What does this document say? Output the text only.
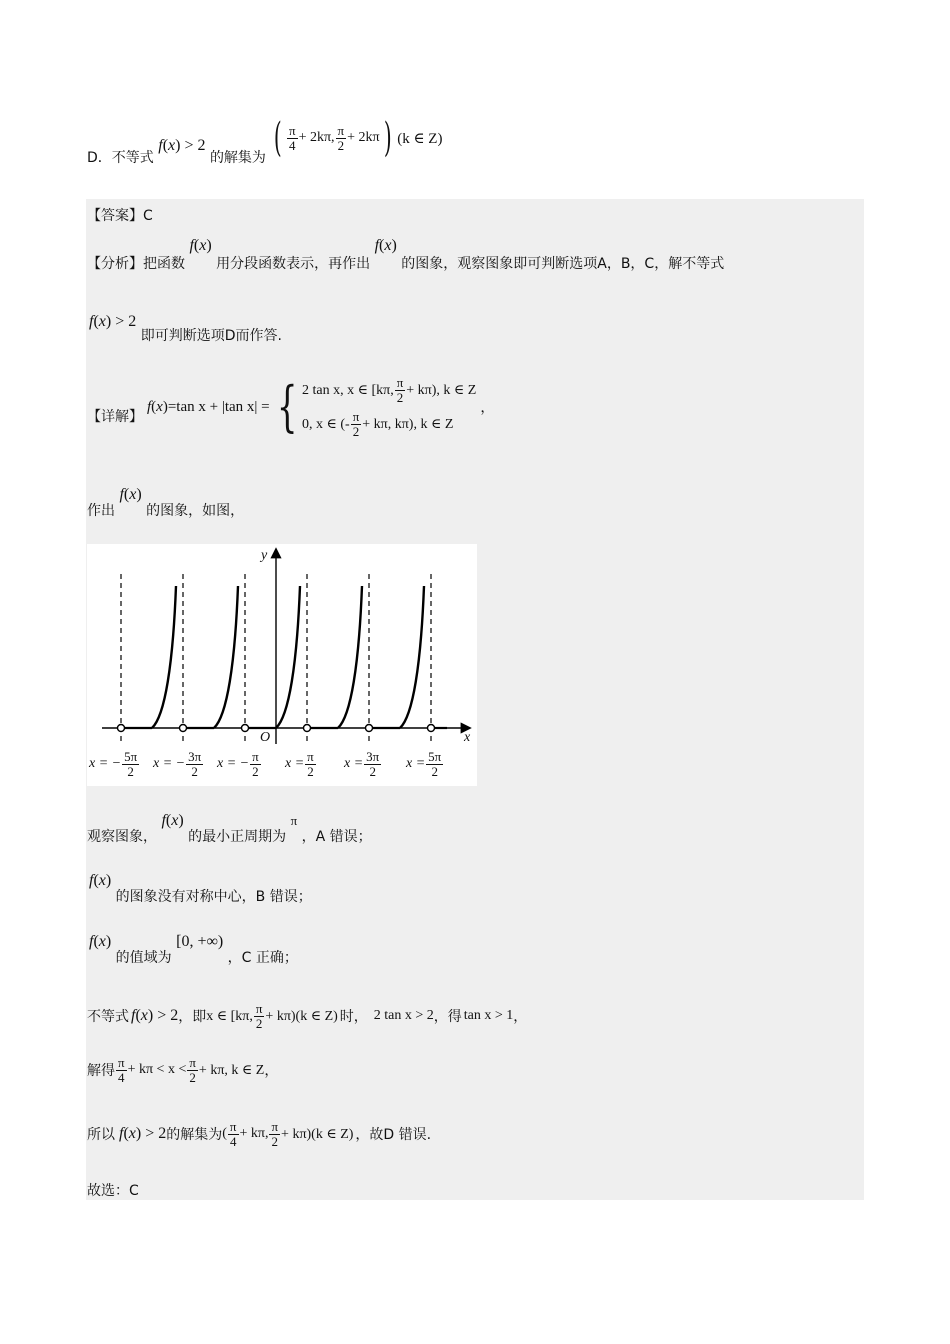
D．不等式 f(x) > 2 的解集为 ( $\frac{\pi}{4} + 2k\pi$, $\frac{\pi}{2} + 2k\pi$ ) (k ∈ Z)
【答案】C
【分析】把函数 f(x) 用分段函数表示，再作出 f(x) 的图象，观察图象即可判断选项A，B，C，解不等式
f(x) > 2 即可判断选项D而作答.
【详解】
f(x)=tan x + |tan x| = { 2 tan x, x ∈ [kπ, $\frac{\pi}{2} + k\pi$), k ∈ Z
0, x ∈ (- $\frac{\pi}{2} + k\pi$, kπ), k ∈ Z
，
作出 f(x) 的图象，如图，
y
x
O
x = − $\frac{5\pi}{2}$ x = − $\frac{3\pi}{2}$ x = − $\frac{\pi}{2}$ $x = \frac{\pi}{2}$ $x = \frac{3\pi}{2}$ $x = \frac{5\pi}{2}$
观察图象， f(x) 的最小正周期为 π ，A 错误；
f(x) 的图象没有对称中心，B 错误；
f(x) 的值域为 [0, +∞) ，C 正确；
不等式 f(x) > 2 ，即 x ∈ [kπ, $\frac{\pi}{2} + k\pi)(k$ ∈ Z) 时， 2 tan x > 2 ，得 tan x > 1 ，
解得 $\frac{\pi}{4} + k\pi < x < \frac{\pi}{2} + k\pi$, k ∈ Z ，
所以 f(x) > 2 的解集为 ( $\frac{\pi}{4} + k\pi$, $\frac{\pi}{2} + k\pi)(k$ ∈ Z) ，故D 错误.
故选：C
